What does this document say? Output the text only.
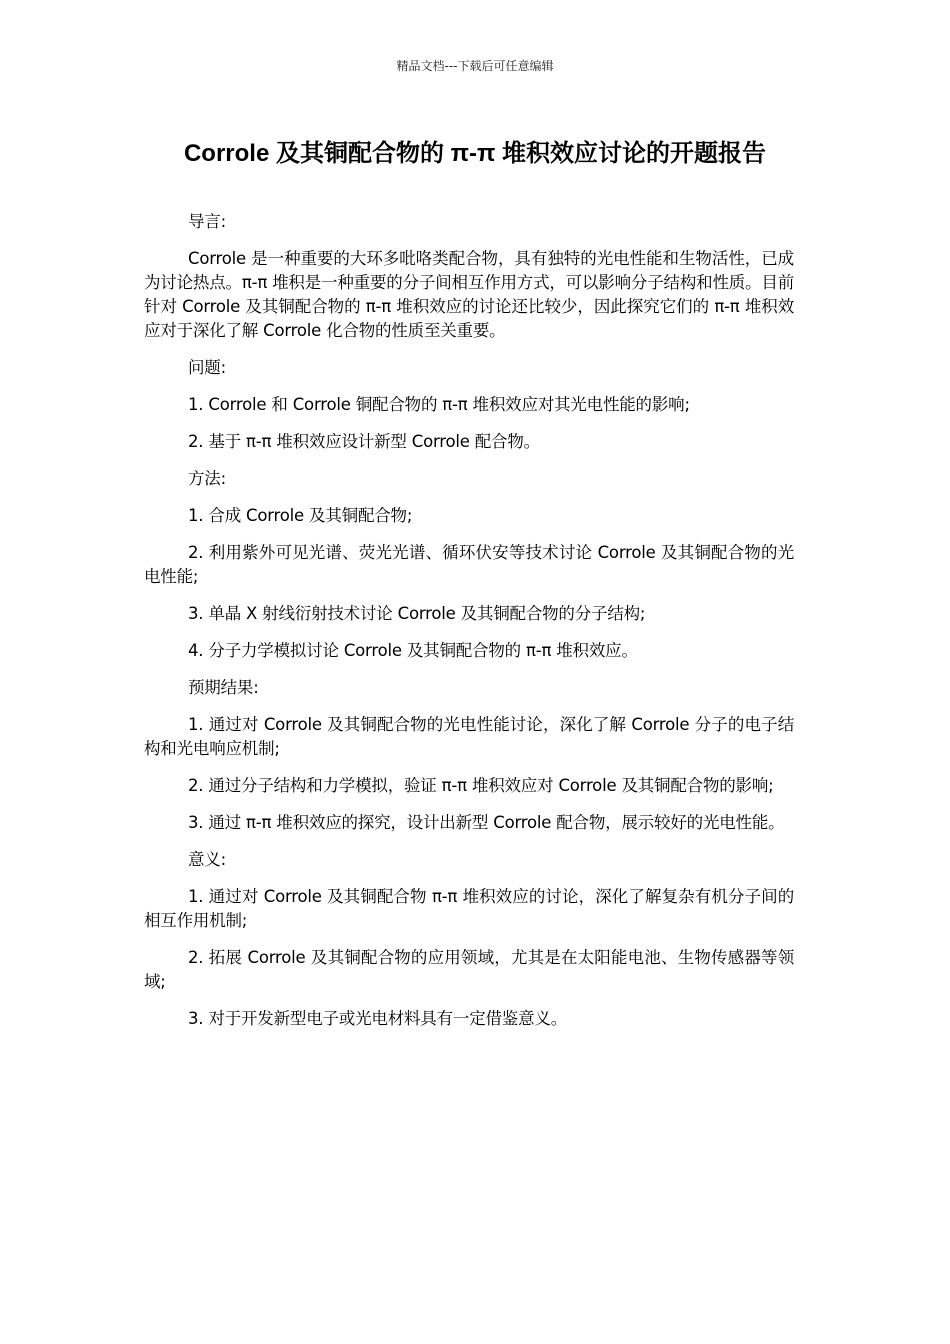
精品文档---下载后可任意编辑
Corrole 及其铜配合物的 π-π 堆积效应讨论的开题报告

导言:

Corrole 是一种重要的大环多吡咯类配合物，具有独特的光电性能和生物活性，已成为讨论热点。π-π 堆积是一种重要的分子间相互作用方式，可以影响分子结构和性质。目前针对 Corrole 及其铜配合物的 π-π 堆积效应的讨论还比较少，因此探究它们的 π-π 堆积效应对于深化了解 Corrole 化合物的性质至关重要。

问题:

1. Corrole 和 Corrole 铜配合物的 π-π 堆积效应对其光电性能的影响;

2. 基于 π-π 堆积效应设计新型 Corrole 配合物。

方法:

1. 合成 Corrole 及其铜配合物;

2. 利用紫外可见光谱、荧光光谱、循环伏安等技术讨论 Corrole 及其铜配合物的光电性能;

3. 单晶 X 射线衍射技术讨论 Corrole 及其铜配合物的分子结构;

4. 分子力学模拟讨论 Corrole 及其铜配合物的 π-π 堆积效应。

预期结果:

1. 通过对 Corrole 及其铜配合物的光电性能讨论，深化了解 Corrole 分子的电子结构和光电响应机制;

2. 通过分子结构和力学模拟，验证 π-π 堆积效应对 Corrole 及其铜配合物的影响;

3. 通过 π-π 堆积效应的探究，设计出新型 Corrole 配合物，展示较好的光电性能。

意义:

1. 通过对 Corrole 及其铜配合物 π-π 堆积效应的讨论，深化了解复杂有机分子间的相互作用机制;

2. 拓展 Corrole 及其铜配合物的应用领域，尤其是在太阳能电池、生物传感器等领域;

3. 对于开发新型电子或光电材料具有一定借鉴意义。
